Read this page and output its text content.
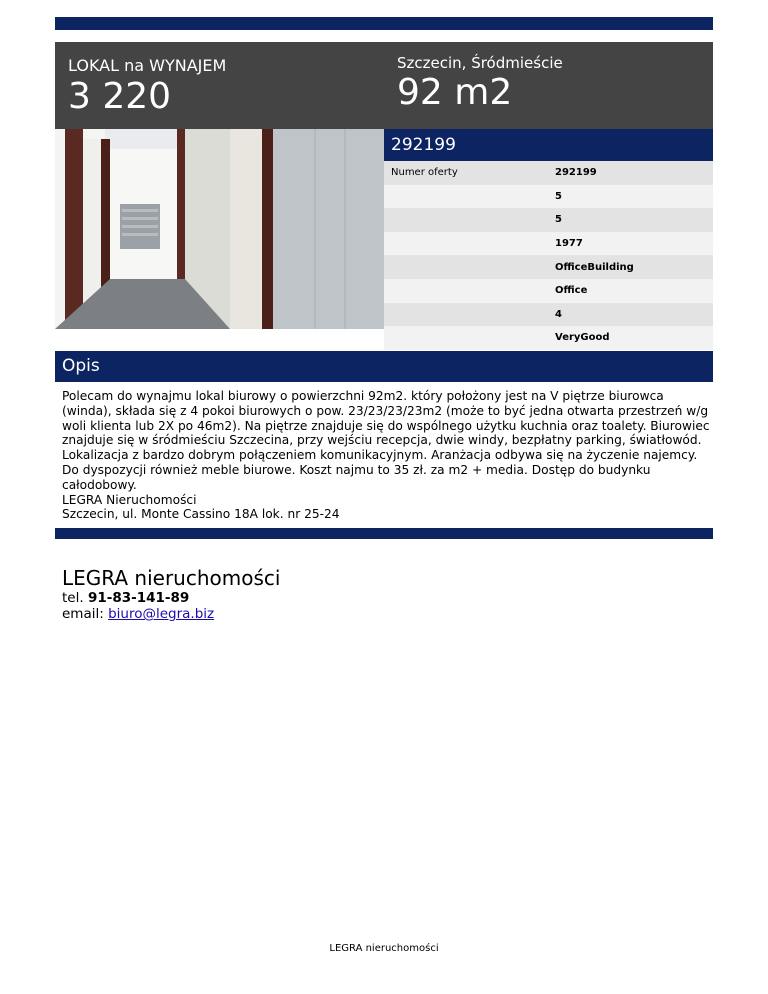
LOKAL na WYNAJEM
3 220
Szczecin, Śródmieście
92 m2
292199
Numer oferty	292199
5
5
1977
OfficeBuilding
Office
4
VeryGood
Opis

Polecam do wynajmu lokal biurowy o powierzchni 92m2. który położony jest na V piętrze biurowca (winda), składa się z 4 pokoi biurowych o pow. 23/23/23/23m2 (może to być jedna otwarta przestrzeń w/g woli klienta lub 2X po 46m2). Na piętrze znajduje się do wspólnego użytku kuchnia oraz toalety. Biurowiec znajduje się w śródmieściu Szczecina, przy wejściu recepcja, dwie windy, bezpłatny parking, światłowód. Lokalizacja z bardzo dobrym połączeniem komunikacyjnym. Aranżacja odbywa się na życzenie najemcy. Do dyspozycji również meble biurowe. Koszt najmu to 35 zł. za m2 + media. Dostęp do budynku całodobowy.

LEGRA Nieruchomości

Szczecin, ul. Monte Cassino 18A lok. nr 25-24

LEGRA nieruchomości
tel. 91-83-141-89
email: biuro@legra.biz
LEGRA nieruchomości
